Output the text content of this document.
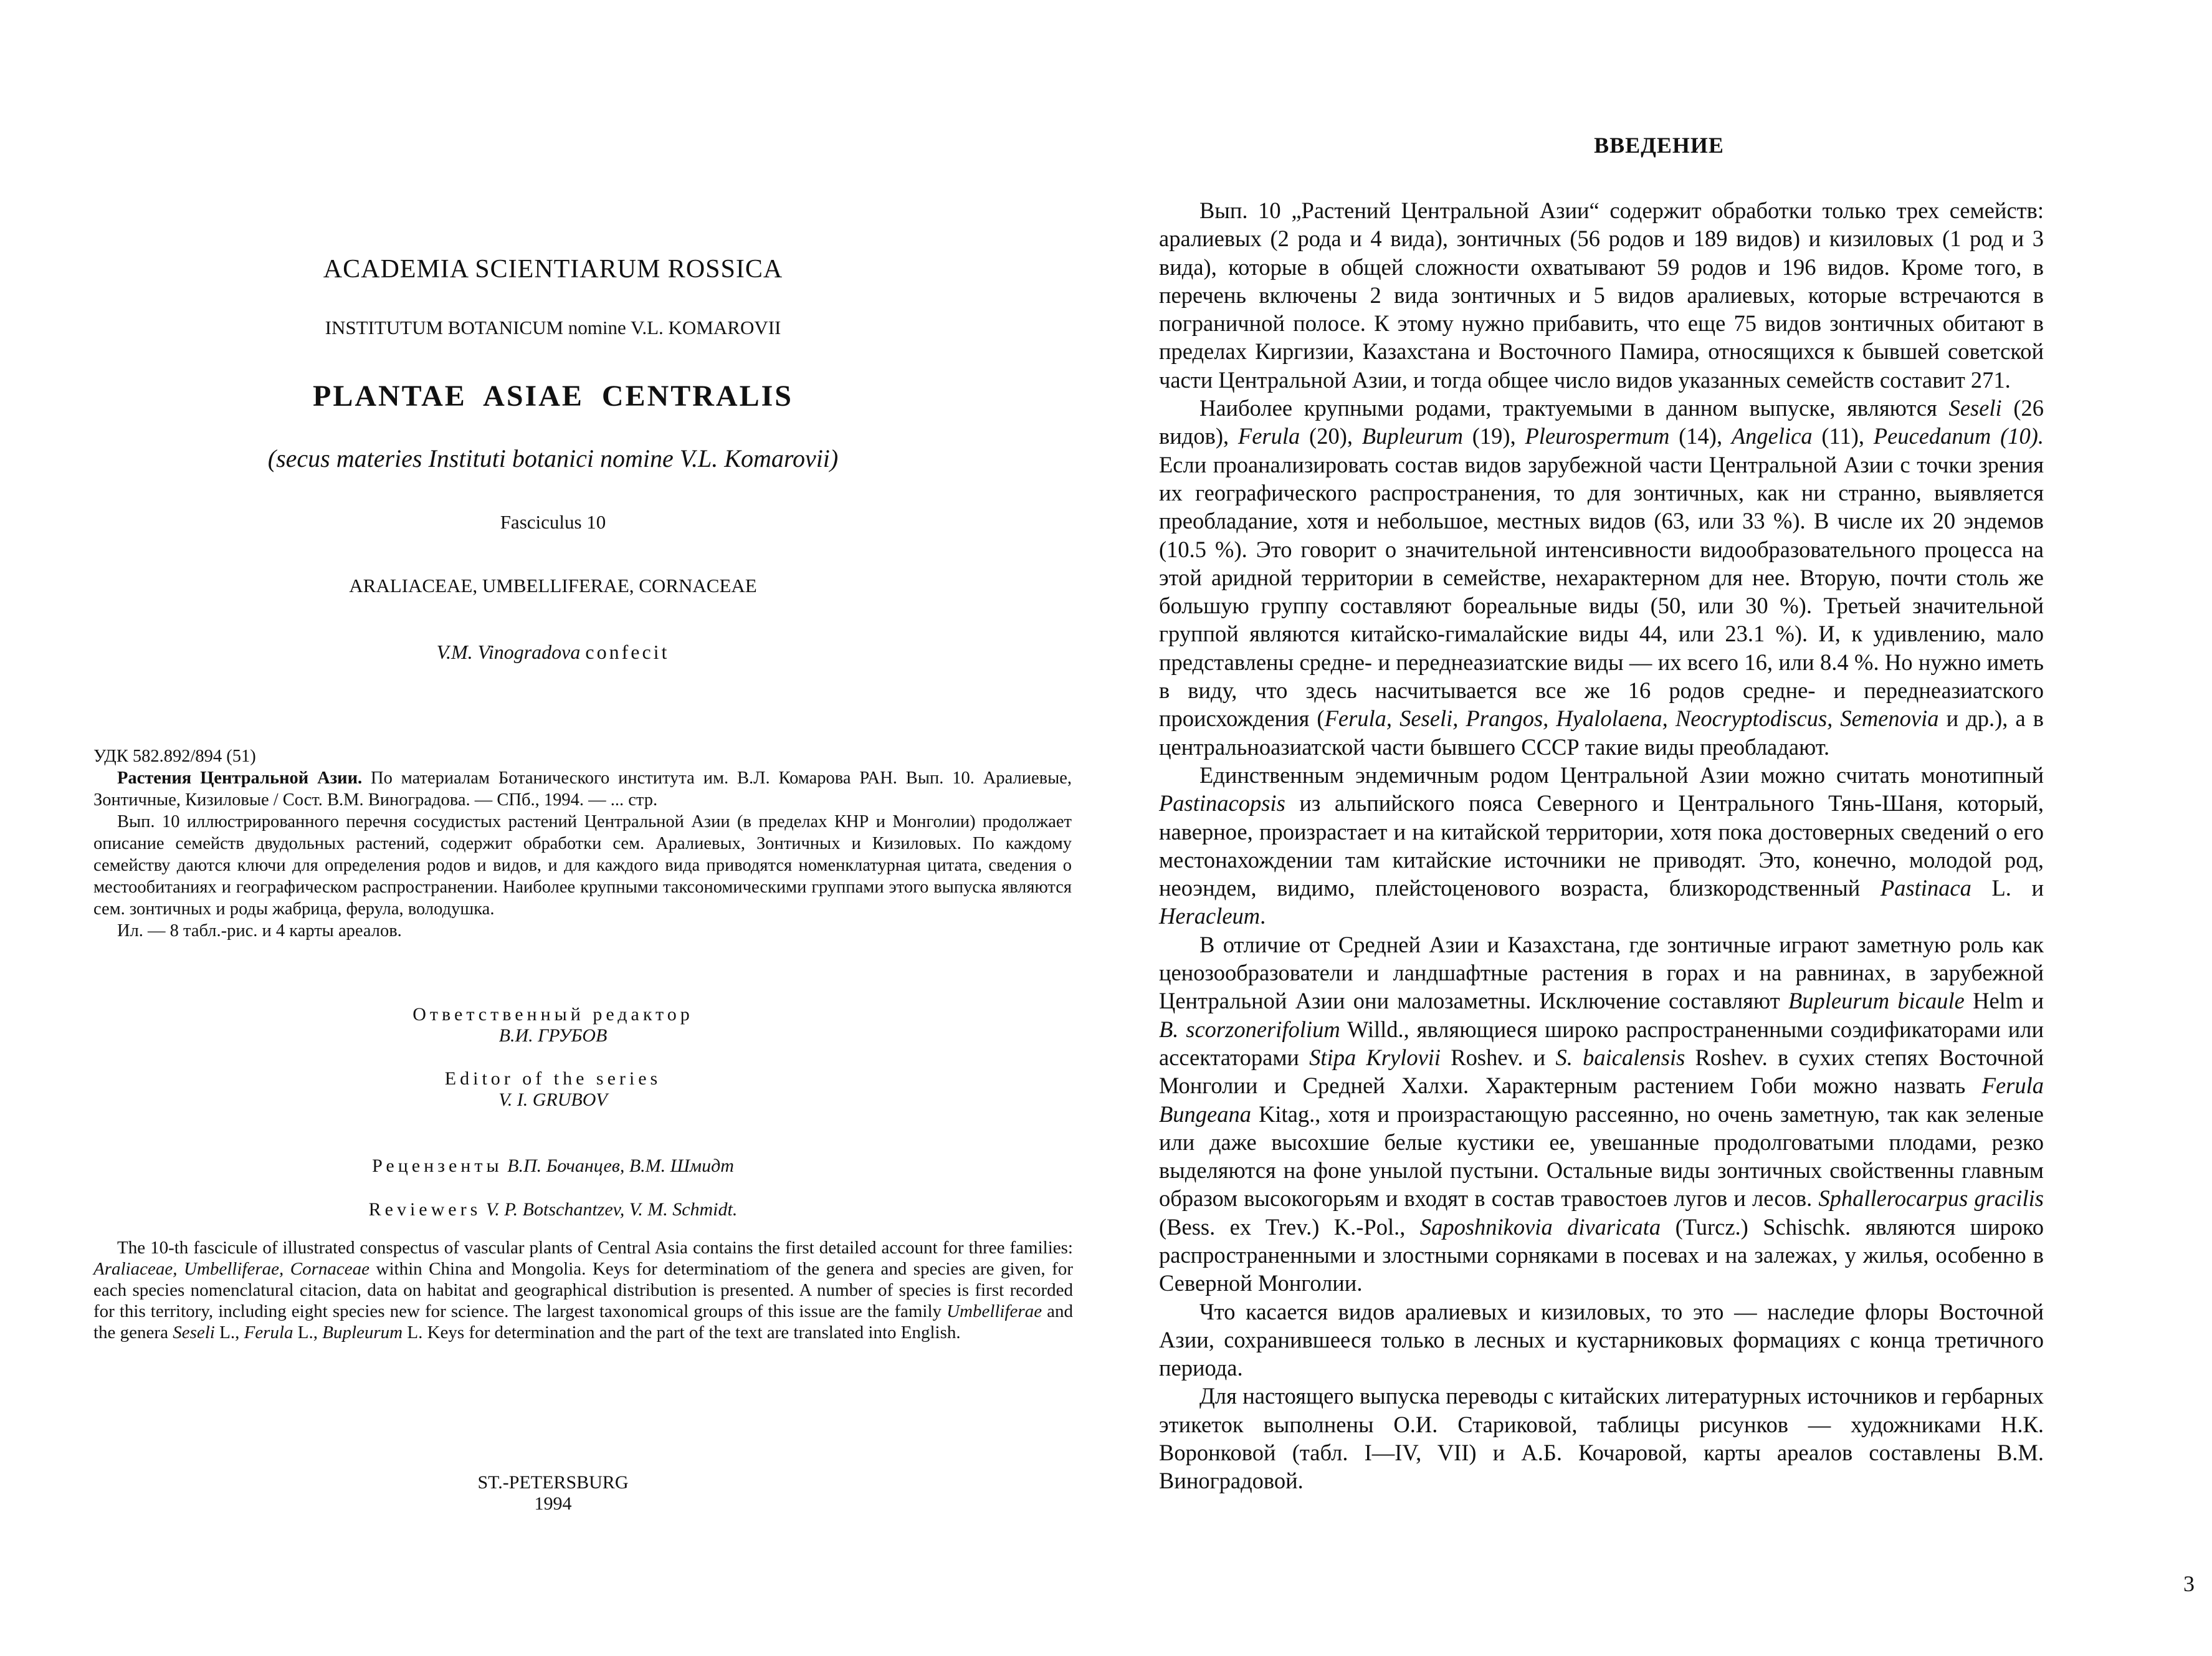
ACADEMIA SCIENTIARUM ROSSICA
INSTITUTUM BOTANICUM nomine V.L. KOMAROVII
PLANTAE ASIAE CENTRALIS
(secus materies Instituti botanici nomine V.L. Komarovii)
Fasciculus 10
ARALIACEAE, UMBELLIFERAE, CORNACEAE
V.M. Vinogradova confecit

УДК 582.892/894 (51)

Растения Центральной Азии. По материалам Ботанического института им. В.Л. Комарова РАН. Вып. 10. Аралиевые, Зонтичные, Кизиловые / Сост. В.М. Виноградова. — СПб., 1994. — ... стр.

Вып. 10 иллюстрированного перечня сосудистых растений Центральной Азии (в пределах КНР и Монголии) продолжает описание семейств двудольных растений, содержит обработки сем. Аралиевых, Зонтичных и Кизиловых. По каждому семейству даются ключи для определения родов и видов, и для каждого вида приводятся номенклатурная цитата, сведения о местообитаниях и географическом распространении. Наиболее крупными таксономическими группами этого выпуска являются сем. зонтичных и роды жабрица, ферула, володушка.

Ил. — 8 табл.-рис. и 4 карты ареалов.

Ответственный редактор
В.И. ГРУБОВ
Editor of the series
V. I. GRUBOV
Рецензенты В.П. Бочанцев, В.М. Шмидт
Reviewers V. P. Botschantzev, V. M. Schmidt.

The 10-th fascicule of illustrated conspectus of vascular plants of Central Asia contains the first detailed account for three families: Araliaceae, Umbelliferae, Cornaceae within China and Mongolia. Keys for determinatiom of the genera and species are given, for each species nomenclatural citacion, data on habitat and geographical distribution is presented. A number of species is first recorded for this territory, including eight species new for science. The largest taxonomical groups of this issue are the family Umbelliferae and the genera Seseli L., Ferula L., Bupleurum L. Keys for determination and the part of the text are translated into English.

ST.-PETERSBURG
1994
ВВЕДЕНИЕ

Вып. 10 „Растений Центральной Азии“ содержит обработки только трех семейств: аралиевых (2 рода и 4 вида), зонтичных (56 родов и 189 видов) и кизиловых (1 род и 3 вида), которые в общей сложности охватывают 59 родов и 196 видов. Кроме того, в перечень включены 2 вида зонтичных и 5 видов аралиевых, которые встречаются в пограничной полосе. К этому нужно прибавить, что еще 75 видов зонтичных обитают в пределах Киргизии, Казахстана и Восточного Памира, относящихся к бывшей советской части Центральной Азии, и тогда общее число видов указанных семейств составит 271.

Наиболее крупными родами, трактуемыми в данном выпуске, являются Seseli (26 видов), Ferula (20), Bupleurum (19), Pleurospermum (14), Angelica (11), Peucedanum (10). Если проанализировать состав видов зарубежной части Центральной Азии с точки зрения их географического распространения, то для зонтичных, как ни странно, выявляется преобладание, хотя и небольшое, местных видов (63, или 33 %). В числе их 20 эндемов (10.5 %). Это говорит о значительной интенсивности видообразовательного процесса на этой аридной территории в семействе, нехарактерном для нее. Вторую, почти столь же большую группу составляют бореальные виды (50, или 30 %). Третьей значительной группой являются китайско-гималайские виды 44, или 23.1 %). И, к удивлению, мало представлены средне- и переднеазиатские виды — их всего 16, или 8.4 %. Но нужно иметь в виду, что здесь насчитывается все же 16 родов средне- и переднеазиатского происхождения (Ferula, Seseli, Prangos, Hyalolaena, Neocryptodiscus, Semenovia и др.), а в центральноазиатской части бывшего СССР такие виды преобладают.

Единственным эндемичным родом Центральной Азии можно считать монотипный Pastinacopsis из альпийского пояса Северного и Центрального Тянь-Шаня, который, наверное, произрастает и на китайской территории, хотя пока достоверных сведений о его местонахождении там китайские источники не приводят. Это, конечно, молодой род, неоэндем, видимо, плейстоценового возраста, близкородственный Pastinaca L. и Heracleum.

В отличие от Средней Азии и Казахстана, где зонтичные играют заметную роль как ценозообразователи и ландшафтные растения в горах и на равнинах, в зарубежной Центральной Азии они малозаметны. Исключение составляют Bupleurum bicaule Helm и B. scorzonerifolium Willd., являющиеся широко распространенными соэдификаторами или ассектаторами Stipa Krylovii Roshev. и S. baicalensis Roshev. в сухих степях Восточной Монголии и Средней Халхи. Характерным растением Гоби можно назвать Ferula Bungeana Kitag., хотя и произрастающую рассеянно, но очень заметную, так как зеленые или даже высохшие белые кустики ее, увешанные продолговатыми плодами, резко выделяются на фоне унылой пустыни. Остальные виды зонтичных свойственны главным образом высокогорьям и входят в состав травостоев лугов и лесов. Sphallerocarpus gracilis (Bess. ex Trev.) K.-Pol., Saposhnikovia divaricata (Turcz.) Schischk. являются широко распространенными и злостными сорняками в посевах и на залежах, у жилья, особенно в Северной Монголии.

Что касается видов аралиевых и кизиловых, то это — наследие флоры Восточной Азии, сохранившееся только в лесных и кустарниковых формациях с конца третичного периода.

Для настоящего выпуска переводы с китайских литературных источников и гербарных этикеток выполнены О.И. Стариковой, таблицы рисунков — художниками Н.К. Воронковой (табл. I—IV, VII) и А.Б. Кочаровой, карты ареалов составлены В.М. Виноградовой.

3
